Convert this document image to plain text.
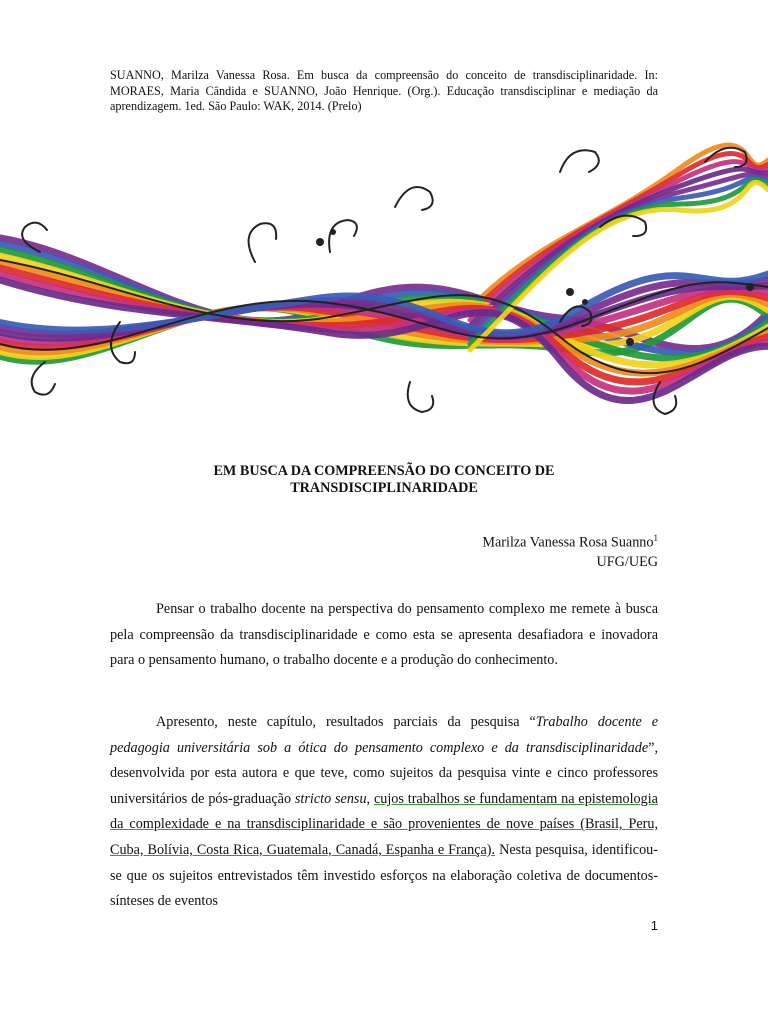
SUANNO, Marilza Vanessa Rosa. Em busca da compreensão do conceito de transdisciplinaridade. In: MORAES, Maria Cândida e SUANNO, João Henrique. (Org.). Educação transdisciplinar e mediação da aprendizagem. 1ed. São Paulo: WAK, 2014. (Prelo)
EM BUSCA DA COMPREENSÃO DO CONCEITO DE
TRANSDISCIPLINARIDADE
Marilza Vanessa Rosa Suanno$^1$
UFG/UEG
Pensar o trabalho docente na perspectiva do pensamento complexo me remete à busca pela compreensão da transdisciplinaridade e como esta se apresenta desafiadora e inovadora para o pensamento humano, o trabalho docente e a produção do conhecimento.
Apresento, neste capítulo, resultados parciais da pesquisa “Trabalho docente e pedagogia universitária sob a ótica do pensamento complexo e da transdisciplinaridade”, desenvolvida por esta autora e que teve, como sujeitos da pesquisa vinte e cinco professores universitários de pós-graduação stricto sensu, cujos trabalhos se fundamentam na epistemologia da complexidade e na transdisciplinaridade e são provenientes de nove países (Brasil, Peru, Cuba, Bolívia, Costa Rica, Guatemala, Canadá, Espanha e França). Nesta pesquisa, identificou-se que os sujeitos entrevistados têm investido esforços na elaboração coletiva de documentos-sínteses de eventos
1
